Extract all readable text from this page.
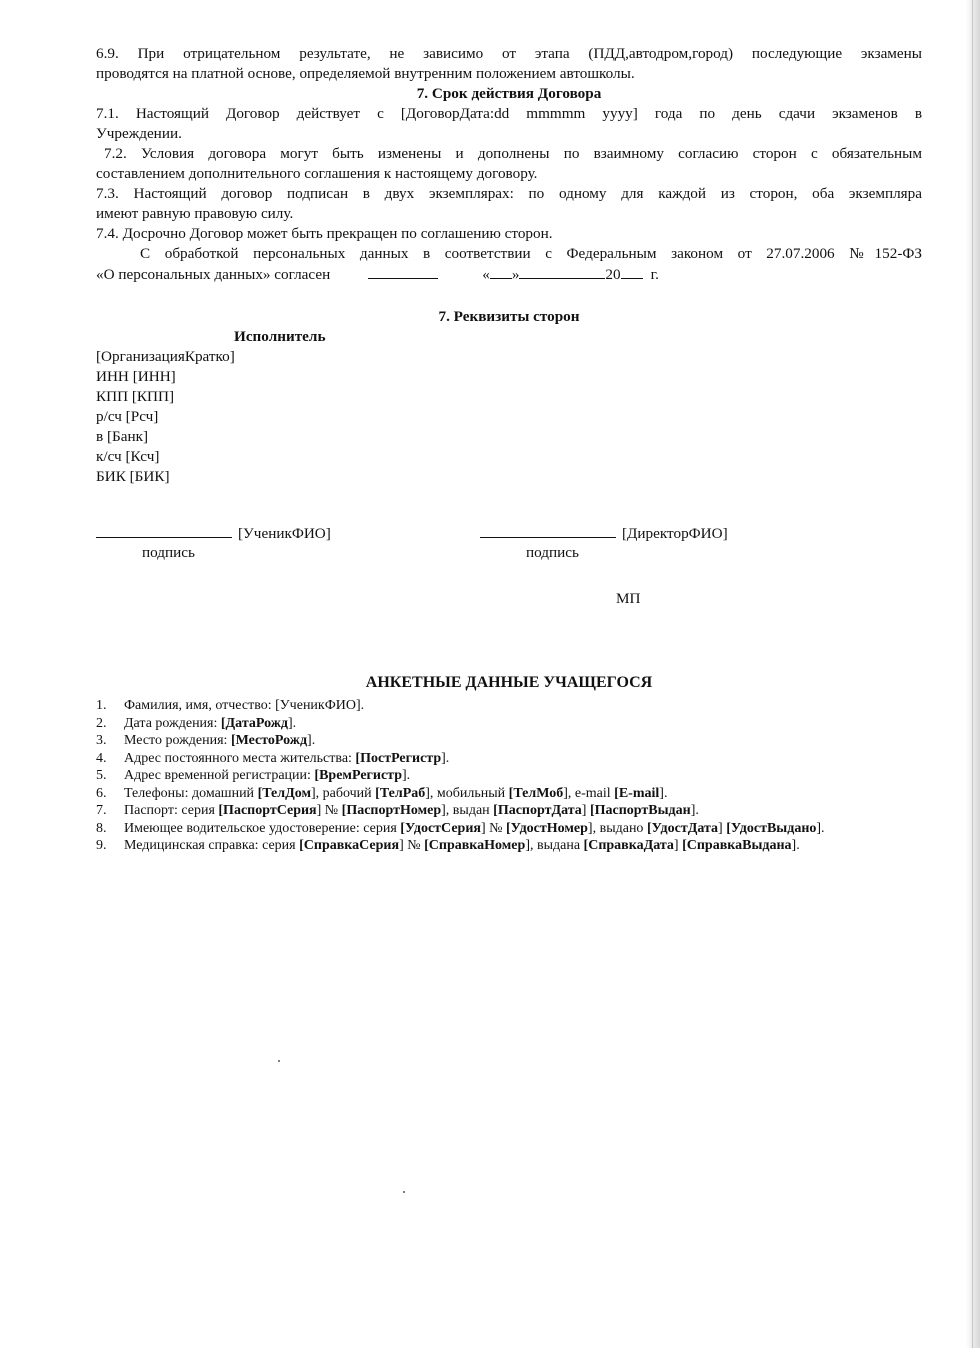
6.9. При отрицательном результате, не зависимо от этапа (ПДД,автодром,город) последующие экзамены

проводятся на платной основе, определяемой внутренним положением автошколы.

7. Срок действия Договора

7.1. Настоящий Договор действует с [ДоговорДата:dd mmmmm yyyy] года по день сдачи экзаменов в

Учреждении.

7.2. Условия договора могут быть изменены и дополнены по взаимному согласию сторон с обязательным

составлением дополнительного соглашения к настоящему договору.

7.3. Настоящий договор подписан в двух экземплярах: по одному для каждой из сторон, оба экземпляра

имеют равную правовую силу.

7.4. Досрочно Договор может быть прекращен по соглашению сторон.

С обработкой персональных данных в соответствии с Федеральным законом от 27.07.2006 №152-ФЗ

«О персональных данных» согласен	« »	20 г.

7. Реквизиты сторон

Исполнитель

[ОрганизацияКратко]

ИНН [ИНН]

КПП [КПП]

р/сч [Рсч]

в [Банк]

к/сч [Ксч]

БИК [БИК]

[УченикФИО]
подпись
[ДиректорФИО]
подпись

МП

АНКЕТНЫЕ ДАННЫЕ УЧАЩЕГОСЯ

1.	Фамилия, имя, отчество: [УченикФИО].
2.	Дата рождения: [ДатаРожд].
3.	Место рождения: [МестоРожд].
4.	Адрес постоянного места жительства: [ПостРегистр].
5.	Адрес временной регистрации: [ВремРегистр].
6.	Телефоны: домашний [ТелДом], рабочий [ТелРаб], мобильный [ТелМоб], e-mail [E-mail].
7.	Паспорт: серия [ПаспортСерия] № [ПаспортНомер], выдан [ПаспортДата] [ПаспортВыдан].
8.	Имеющее водительское удостоверение: серия [УдостСерия] № [УдостНомер], выдано [УдостДата] [УдостВыдано].
9.	Медицинская справка: серия [СправкаСерия] № [СправкаНомер], выдана [СправкаДата] [СправкаВыдана].
